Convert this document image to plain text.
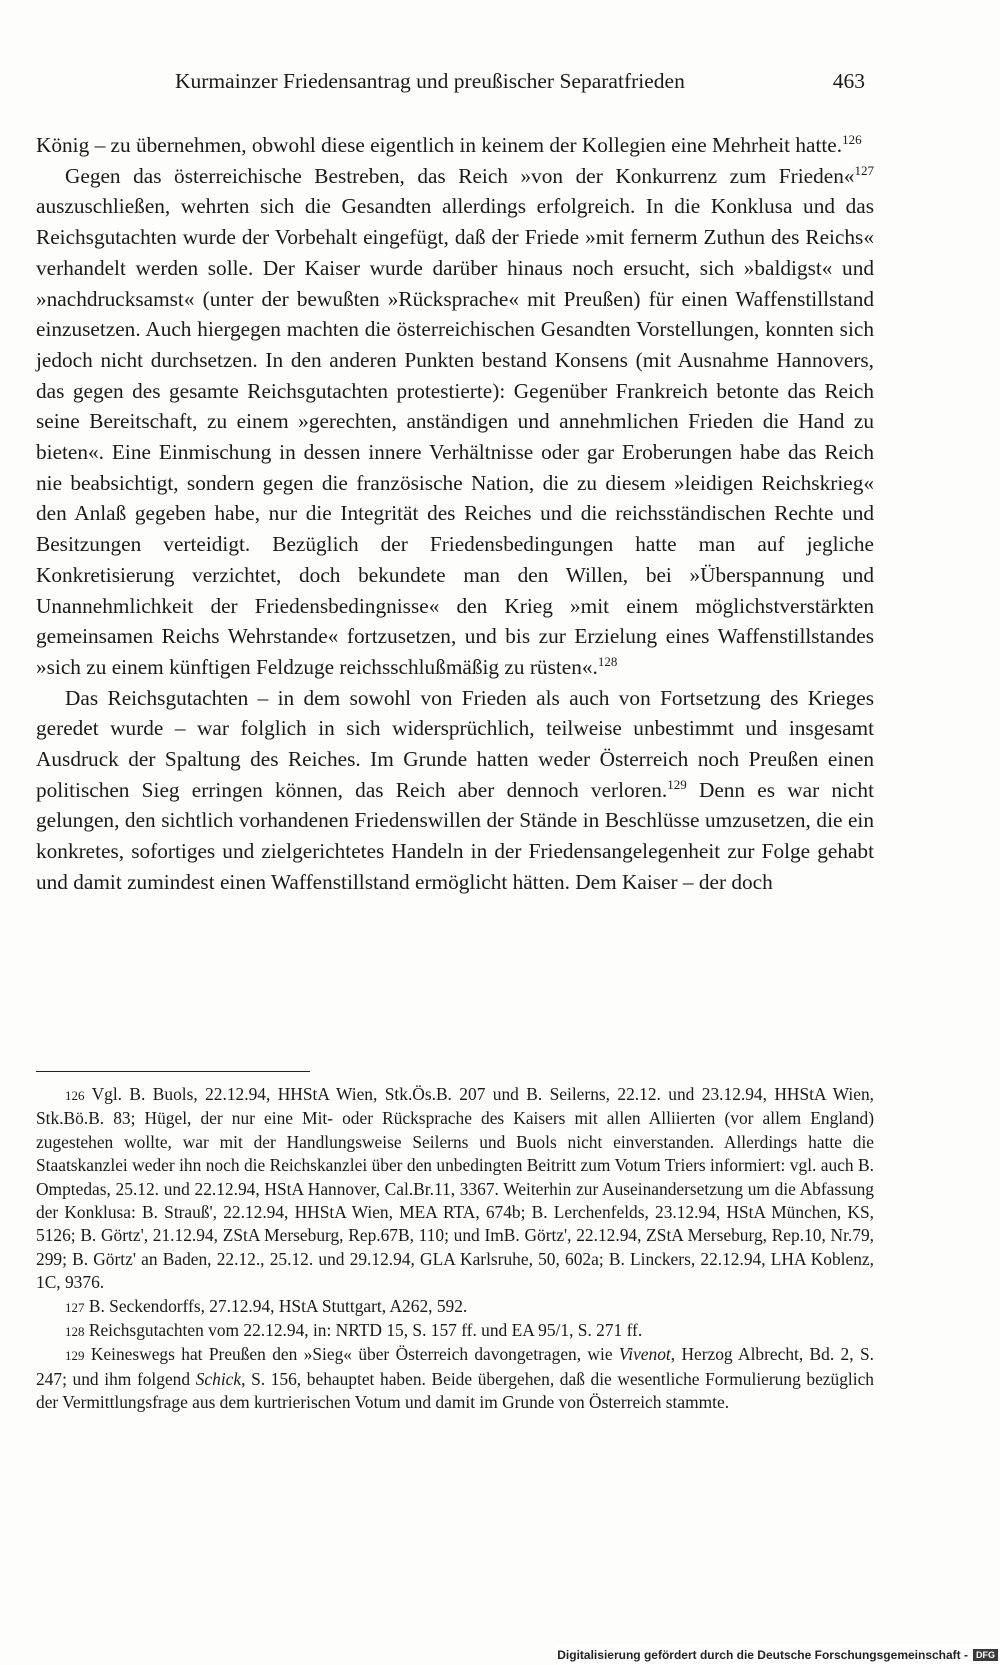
Kurmainzer Friedensantrag und preußischer Separatfrieden	463

König – zu übernehmen, obwohl diese eigentlich in keinem der Kollegien eine Mehrheit hatte.$^{126}$

Gegen das österreichische Bestreben, das Reich »von der Konkurrenz zum Frieden«$^{127}$ auszuschließen, wehrten sich die Gesandten allerdings erfolgreich. In die Konklusa und das Reichsgutachten wurde der Vorbehalt eingefügt, daß der Friede »mit fernerm Zuthun des Reichs« verhandelt werden solle. Der Kaiser wurde darüber hinaus noch ersucht, sich »baldigst« und »nachdrucksamst« (unter der bewußten »Rücksprache« mit Preußen) für einen Waffenstillstand einzusetzen. Auch hiergegen machten die österreichischen Gesandten Vorstellungen, konnten sich jedoch nicht durchsetzen. In den anderen Punkten bestand Konsens (mit Ausnahme Hannovers, das gegen des gesamte Reichsgutachten protestierte): Gegenüber Frankreich betonte das Reich seine Bereitschaft, zu einem »gerechten, anständigen und annehmlichen Frieden die Hand zu bieten«. Eine Einmischung in dessen innere Verhältnisse oder gar Eroberungen habe das Reich nie beabsichtigt, sondern gegen die französische Nation, die zu diesem »leidigen Reichskrieg« den Anlaß gegeben habe, nur die Integrität des Reiches und die reichsständischen Rechte und Besitzungen verteidigt. Bezüglich der Friedensbedingungen hatte man auf jegliche Konkretisierung verzichtet, doch bekundete man den Willen, bei »Überspannung und Unannehmlichkeit der Friedensbedingnisse« den Krieg »mit einem möglichstverstärkten gemeinsamen Reichs Wehrstande« fortzusetzen, und bis zur Erzielung eines Waffenstillstandes »sich zu einem künftigen Feldzuge reichsschlußmäßig zu rüsten«.$^{128}$

Das Reichsgutachten – in dem sowohl von Frieden als auch von Fortsetzung des Krieges geredet wurde – war folglich in sich widersprüchlich, teilweise unbestimmt und insgesamt Ausdruck der Spaltung des Reiches. Im Grunde hatten weder Österreich noch Preußen einen politischen Sieg erringen können, das Reich aber dennoch verloren.$^{129}$ Denn es war nicht gelungen, den sichtlich vorhandenen Friedenswillen der Stände in Beschlüsse umzusetzen, die ein konkretes, sofortiges und zielgerichtetes Handeln in der Friedensangelegenheit zur Folge gehabt und damit zumindest einen Waffenstillstand ermöglicht hätten. Dem Kaiser – der doch

126 Vgl. B. Buols, 22.12.94, HHStA Wien, Stk.Ös.B. 207 und B. Seilerns, 22.12. und 23.12.94, HHStA Wien, Stk.Bö.B. 83; Hügel, der nur eine Mit- oder Rücksprache des Kaisers mit allen Alliierten (vor allem England) zugestehen wollte, war mit der Handlungsweise Seilerns und Buols nicht einverstanden. Allerdings hatte die Staatskanzlei weder ihn noch die Reichskanzlei über den unbedingten Beitritt zum Votum Triers informiert: vgl. auch B. Omptedas, 25.12. und 22.12.94, HStA Hannover, Cal.Br.11, 3367. Weiterhin zur Auseinandersetzung um die Abfassung der Konklusa: B. Strauß', 22.12.94, HHStA Wien, MEA RTA, 674b; B. Lerchenfelds, 23.12.94, HStA München, KS, 5126; B. Görtz', 21.12.94, ZStA Merseburg, Rep.67B, 110; und ImB. Görtz', 22.12.94, ZStA Merseburg, Rep.10, Nr.79, 299; B. Görtz' an Baden, 22.12., 25.12. und 29.12.94, GLA Karlsruhe, 50, 602a; B. Linckers, 22.12.94, LHA Koblenz, 1C, 9376.

127 B. Seckendorffs, 27.12.94, HStA Stuttgart, A262, 592.

128 Reichsgutachten vom 22.12.94, in: NRTD 15, S. 157 ff. und EA 95/1, S. 271 ff.

129 Keineswegs hat Preußen den »Sieg« über Österreich davongetragen, wie Vivenot, Herzog Albrecht, Bd. 2, S. 247; und ihm folgend Schick, S. 156, behauptet haben. Beide übergehen, daß die wesentliche Formulierung bezüglich der Vermittlungsfrage aus dem kurtrierischen Votum und damit im Grunde von Österreich stammte.

Digitalisierung gefördert durch die Deutsche Forschungsgemeinschaft - DFG
